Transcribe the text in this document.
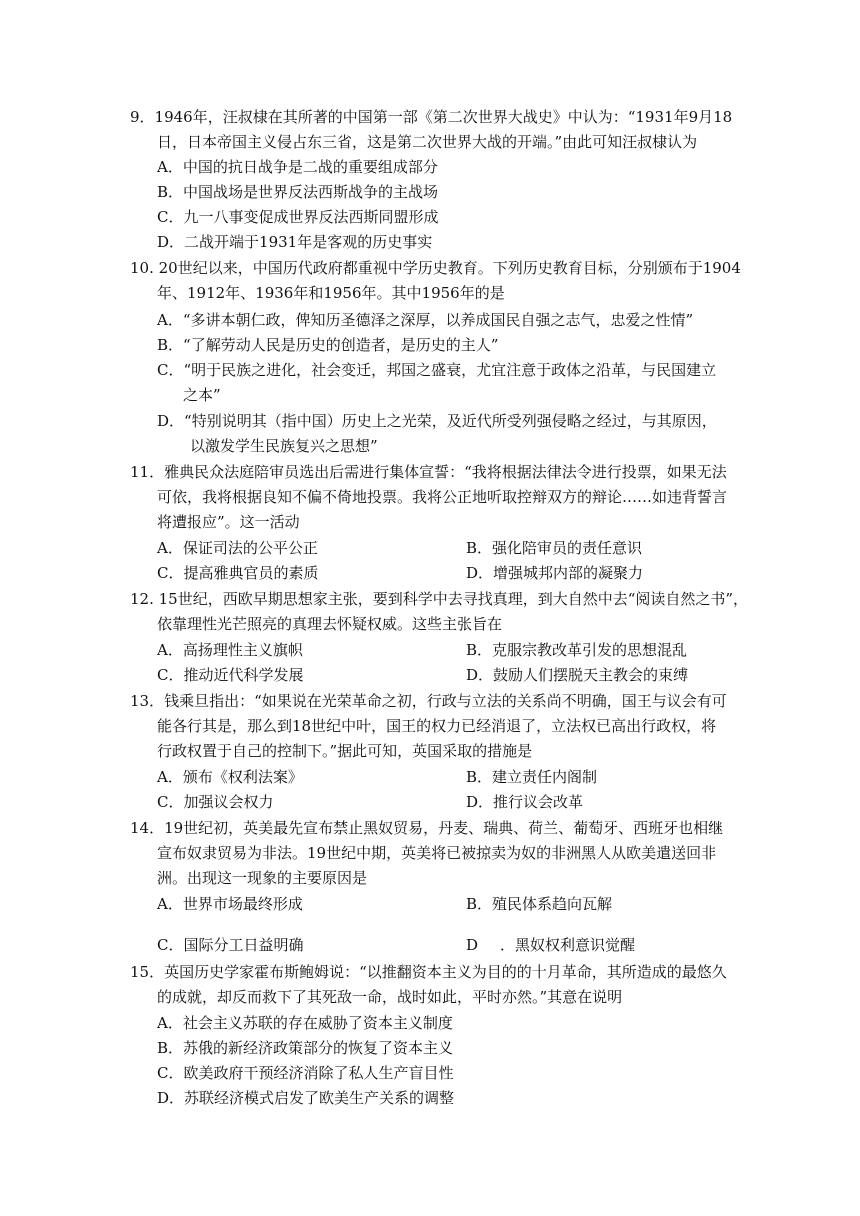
9．1946年，汪叔棣在其所著的中国第一部《第二次世界大战史》中认为：“1931年9月18
日，日本帝国主义侵占东三省，这是第二次世界大战的开端。”由此可知汪叔棣认为
A．中国的抗日战争是二战的重要组成部分
B．中国战场是世界反法西斯战争的主战场
C．九一八事变促成世界反法西斯同盟形成
D．二战开端于1931年是客观的历史事实
10. 20世纪以来，中国历代政府都重视中学历史教育。下列历史教育目标，分别颁布于1904
年、1912年、1936年和1956年。其中1956年的是
A．“多讲本朝仁政，俾知历圣德泽之深厚，以养成国民自强之志气，忠爱之性情”
B．“了解劳动人民是历史的创造者，是历史的主人”
C．“明于民族之进化，社会变迁，邦国之盛衰，尤宜注意于政体之沿革，与民国建立
之本”
D．“特别说明其（指中国）历史上之光荣，及近代所受列强侵略之经过，与其原因，
以激发学生民族复兴之思想”
11．雅典民众法庭陪审员选出后需进行集体宣誓：“我将根据法律法令进行投票，如果无法
可依，我将根据良知不偏不倚地投票。我将公正地听取控辩双方的辩论……如违背誓言
将遭报应”。这一活动
A．保证司法的公平公正	B．强化陪审员的责任意识
C．提高雅典官员的素质	D．增强城邦内部的凝聚力
12. 15世纪，西欧早期思想家主张，要到科学中去寻找真理，到大自然中去“阅读自然之书”，
依靠理性光芒照亮的真理去怀疑权威。这些主张旨在
A．高扬理性主义旗帜	B．克服宗教改革引发的思想混乱
C．推动近代科学发展	D．鼓励人们摆脱天主教会的束缚
13．钱乘旦指出：“如果说在光荣革命之初，行政与立法的关系尚不明确，国王与议会有可
能各行其是，那么到18世纪中叶，国王的权力已经消退了，立法权已高出行政权，将
行政权置于自己的控制下。”据此可知，英国采取的措施是
A．颁布《权利法案》	B．建立责任内阁制
C．加强议会权力	D．推行议会改革
14．19世纪初，英美最先宣布禁止黑奴贸易，丹麦、瑞典、荷兰、葡萄牙、西班牙也相继
宣布奴隶贸易为非法。19世纪中期，英美将已被掠卖为奴的非洲黑人从欧美遣送回非
洲。出现这一现象的主要原因是
A．世界市场最终形成	B．殖民体系趋向瓦解
C．国际分工日益明确	D ．黑奴权利意识觉醒
15．英国历史学家霍布斯鲍姆说：“以推翻资本主义为目的的十月革命，其所造成的最悠久
的成就，却反而救下了其死敌一命，战时如此，平时亦然。”其意在说明
A．社会主义苏联的存在威胁了资本主义制度
B．苏俄的新经济政策部分的恢复了资本主义
C．欧美政府干预经济消除了私人生产盲目性
D．苏联经济模式启发了欧美生产关系的调整
